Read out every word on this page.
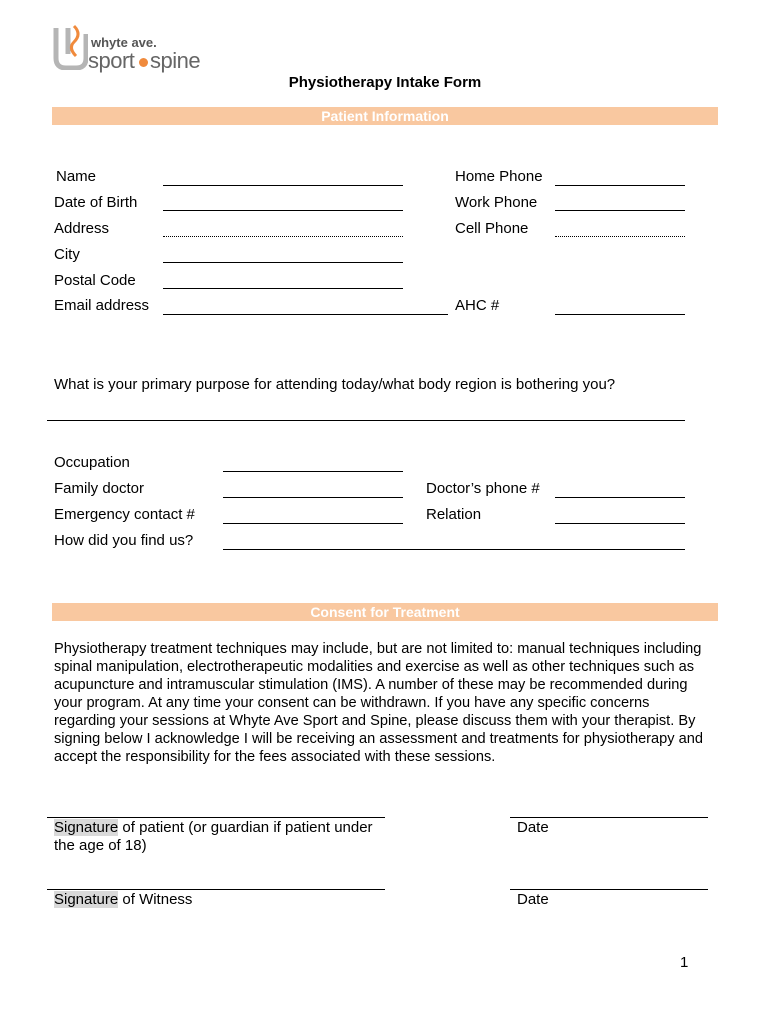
whyte ave.
sport spine
Physiotherapy Intake Form
Patient Information
Name
Date of Birth
Address
City
Postal Code
Email address
Home Phone
Work Phone
Cell Phone
AHC #
What is your primary purpose for attending today/what body region is bothering you?
Occupation
Family doctor
Emergency contact #
How did you find us?
Doctor’s phone #
Relation
Consent for Treatment
Physiotherapy treatment techniques may include, but are not limited to: manual techniques including spinal manipulation, electrotherapeutic modalities and exercise as well as other techniques such as acupuncture and intramuscular stimulation (IMS). A number of these may be recommended during your program. At any time your consent can be withdrawn. If you have any specific concerns regarding your sessions at Whyte Ave Sport and Spine, please discuss them with your therapist. By signing below I acknowledge I will be receiving an assessment and treatments for physiotherapy and accept the responsibility for the fees associated with these sessions.
Signature of patient (or guardian if patient under
the age of 18)
Date
Signature of Witness	Date
1
